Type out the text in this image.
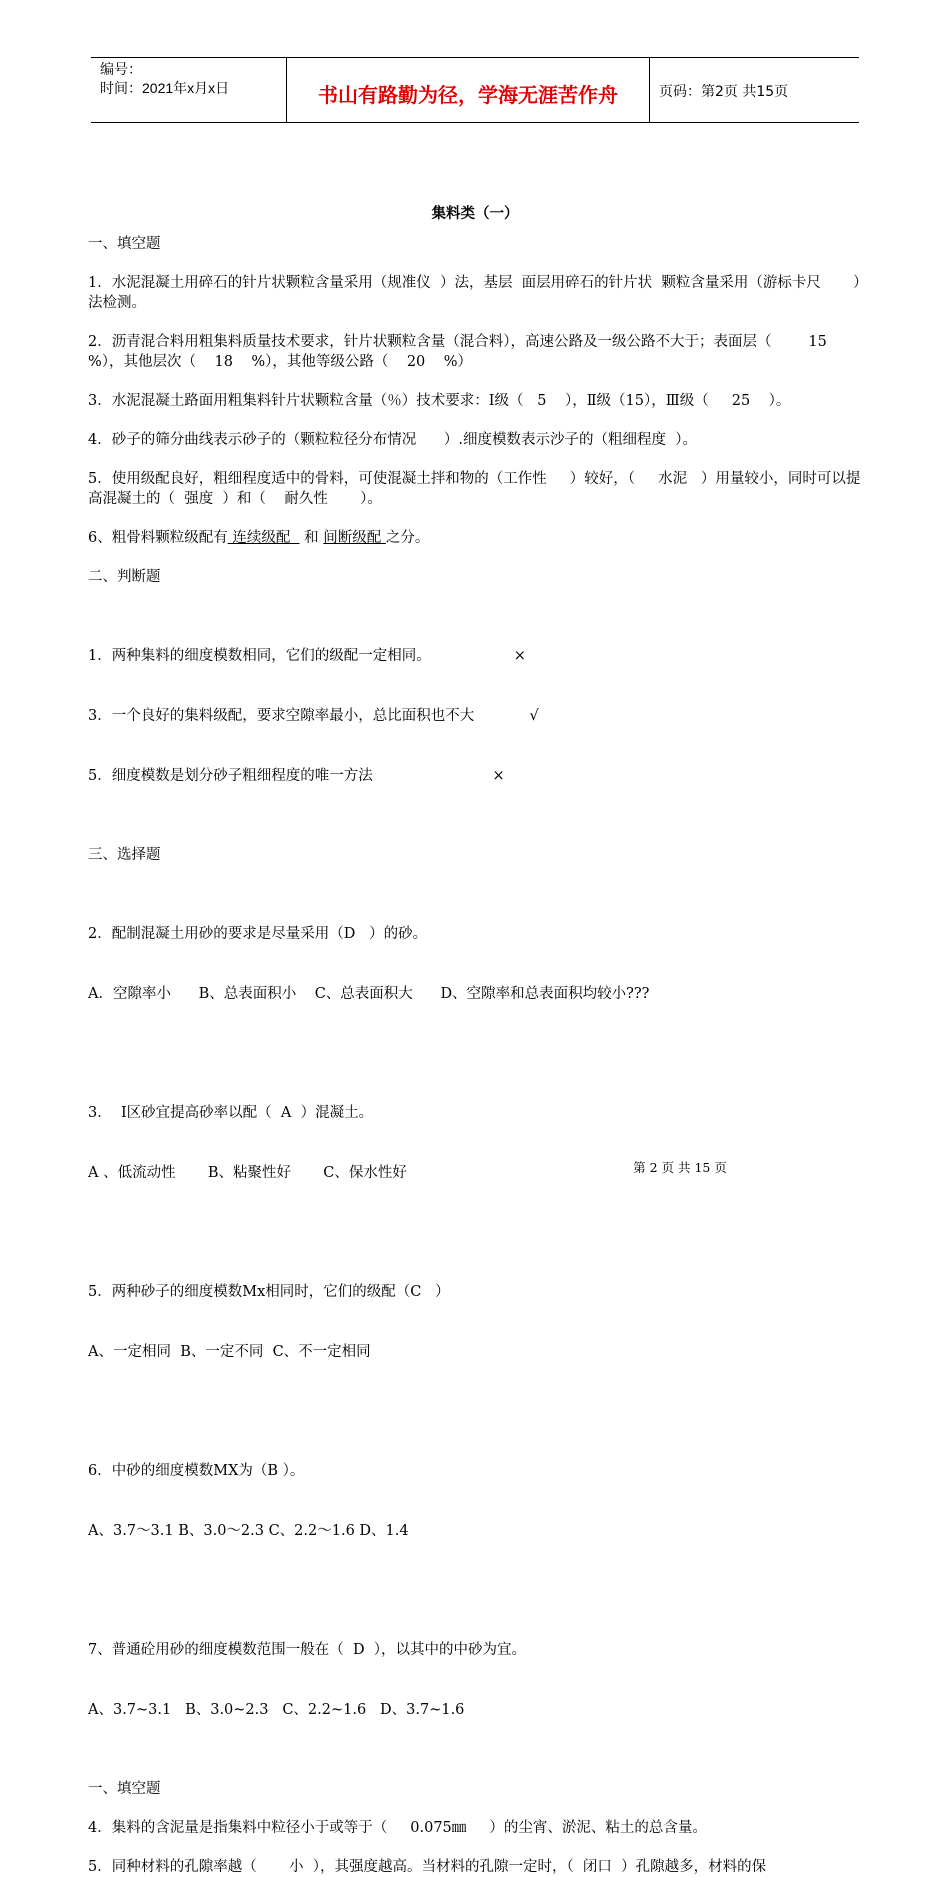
编号：
时间：2021年x月x日	书山有路勤为径，学海无涯苦作舟	页码：第2页 共15页
集料类（一）

一、填空题

1．水泥混凝土用碎石的针片状颗粒含量采用（规准仪  ）法，基层  面层用碎石的针片状  颗粒含量采用（游标卡尺       ）法检测。

2．沥青混合料用粗集料质量技术要求，针片状颗粒含量（混合料），高速公路及一级公路不大于；表面层（        15  %），其他层次（    18    %），其他等级公路（    20    %）

3．水泥混凝土路面用粗集料针片状颗粒含量（％）技术要求：Ⅰ级（   5    ），Ⅱ级（15），Ⅲ级（     25    ）。

4．砂子的筛分曲线表示砂子的（颗粒粒径分布情况      ）.细度模数表示沙子的（粗细程度  ）。

5．使用级配良好，粗细程度适中的骨料，可使混凝土拌和物的（工作性     ）较好，（     水泥   ）用量较小，同时可以提高混凝土的（  强度  ）和（    耐久性       ）。

6、粗骨料颗粒级配有 连续级配   和 间断级配 之分。

二、判断题

1．两种集料的细度模数相同，它们的级配一定相同。                  ×

3．一个良好的集料级配，要求空隙率最小，总比面积也不大            √

5．细度模数是划分砂子粗细程度的唯一方法                          ×

三、选择题

2．配制混凝土用砂的要求是尽量采用（D   ）的砂。

A．空隙率小      B、总表面积小    C、总表面积大      D、空隙率和总表面积均较小???

3．  I区砂宜提高砂率以配（  A  ）混凝土。

A 、低流动性       B、粘聚性好       C、保水性好

5．两种砂子的细度模数Mx相同时，它们的级配（C   ）

A、一定相同  B、一定不同  C、不一定相同

6．中砂的细度模数MX为（B ）。

A、3.7～3.1 B、3.0～2.3 C、2.2～1.6 D、1.4

7、普通砼用砂的细度模数范围一般在（  D  ），以其中的中砂为宜。

A、3.7~3.1   B、3.0~2.3   C、2.2~1.6   D、3.7~1.6

一、填空题

4．集料的含泥量是指集料中粒径小于或等于（     0.075㎜     ）的尘宵、淤泥、粘土的总含量。

5．同种材料的孔隙率越（       小  ），其强度越高。当材料的孔隙一定时，（  闭口  ）孔隙越多，材料的保

第 2 页 共 15 页
